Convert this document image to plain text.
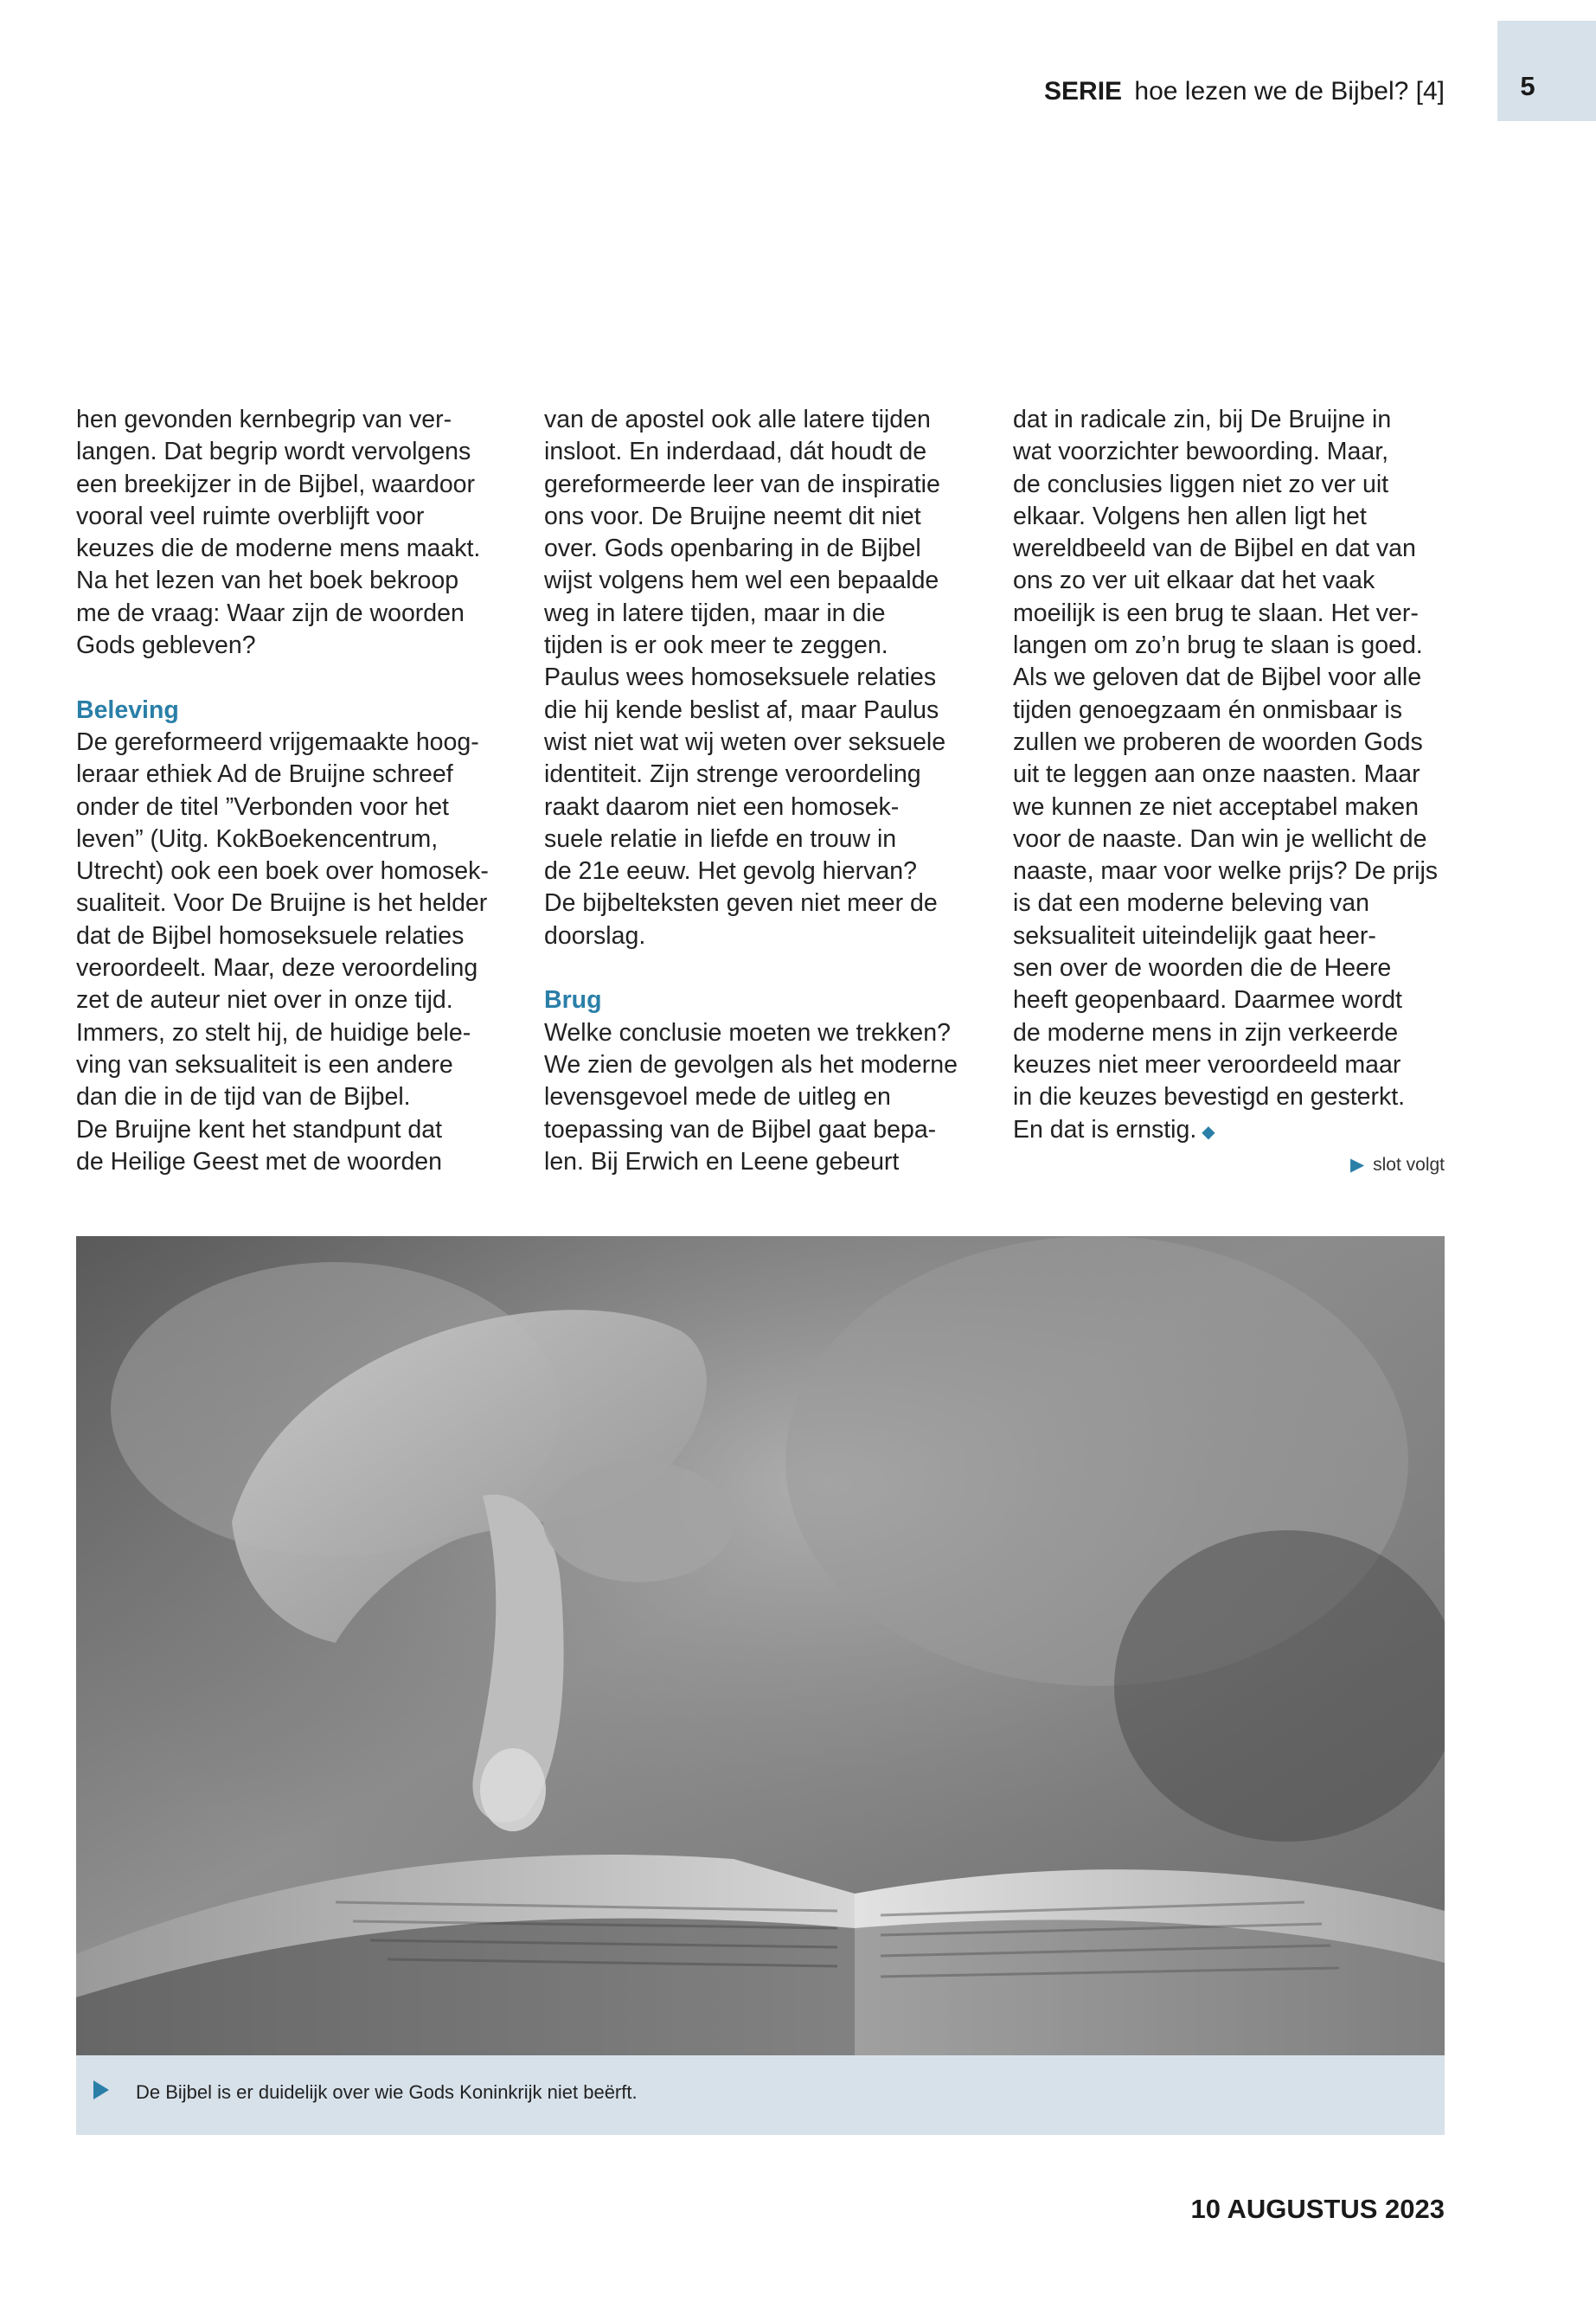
5
SERIE hoe lezen we de Bijbel? [4]
hen gevonden kernbegrip van ver-
langen. Dat begrip wordt vervolgens
een breekijzer in de Bijbel, waardoor
vooral veel ruimte overblijft voor
keuzes die de moderne mens maakt.
Na het lezen van het boek bekroop
me de vraag: Waar zijn de woorden
Gods gebleven?
Beleving
De gereformeerd vrijgemaakte hoog-
leraar ethiek Ad de Bruijne schreef
onder de titel ”Verbonden voor het
leven” (Uitg. KokBoekencentrum,
Utrecht) ook een boek over homosek-
sualiteit. Voor De Bruijne is het helder
dat de Bijbel homoseksuele relaties
veroordeelt. Maar, deze veroordeling
zet de auteur niet over in onze tijd.
Immers, zo stelt hij, de huidige bele-
ving van seksualiteit is een andere
dan die in de tijd van de Bijbel.
De Bruijne kent het standpunt dat
de Heilige Geest met de woorden
van de apostel ook alle latere tijden
insloot. En inderdaad, dát houdt de
gereformeerde leer van de inspiratie
ons voor. De Bruijne neemt dit niet
over. Gods openbaring in de Bijbel
wijst volgens hem wel een bepaalde
weg in latere tijden, maar in die
tijden is er ook meer te zeggen.
Paulus wees homoseksuele relaties
die hij kende beslist af, maar Paulus
wist niet wat wij weten over seksuele
identiteit. Zijn strenge veroordeling
raakt daarom niet een homosek-
suele relatie in liefde en trouw in
de 21e eeuw. Het gevolg hiervan?
De bijbelteksten geven niet meer de
doorslag.
Brug
Welke conclusie moeten we trekken?
We zien de gevolgen als het moderne
levensgevoel mede de uitleg en
toepassing van de Bijbel gaat bepa-
len. Bij Erwich en Leene gebeurt
dat in radicale zin, bij De Bruijne in
wat voorzichter bewoording. Maar,
de conclusies liggen niet zo ver uit
elkaar. Volgens hen allen ligt het
wereldbeeld van de Bijbel en dat van
ons zo ver uit elkaar dat het vaak
moeilijk is een brug te slaan. Het ver-
langen om zo’n brug te slaan is goed.
Als we geloven dat de Bijbel voor alle
tijden genoegzaam én onmisbaar is
zullen we proberen de woorden Gods
uit te leggen aan onze naasten. Maar
we kunnen ze niet acceptabel maken
voor de naaste. Dan win je wellicht de
naaste, maar voor welke prijs? De prijs
is dat een moderne beleving van
seksualiteit uiteindelijk gaat heer-
sen over de woorden die de Heere
heeft geopenbaard. Daarmee wordt
de moderne mens in zijn verkeerde
keuzes niet meer veroordeeld maar
in die keuzes bevestigd en gesterkt.
En dat is ernstig. ◆
▶ slot volgt
De Bijbel is er duidelijk over wie Gods Koninkrijk niet beërft.
10 AUGUSTUS 2023
